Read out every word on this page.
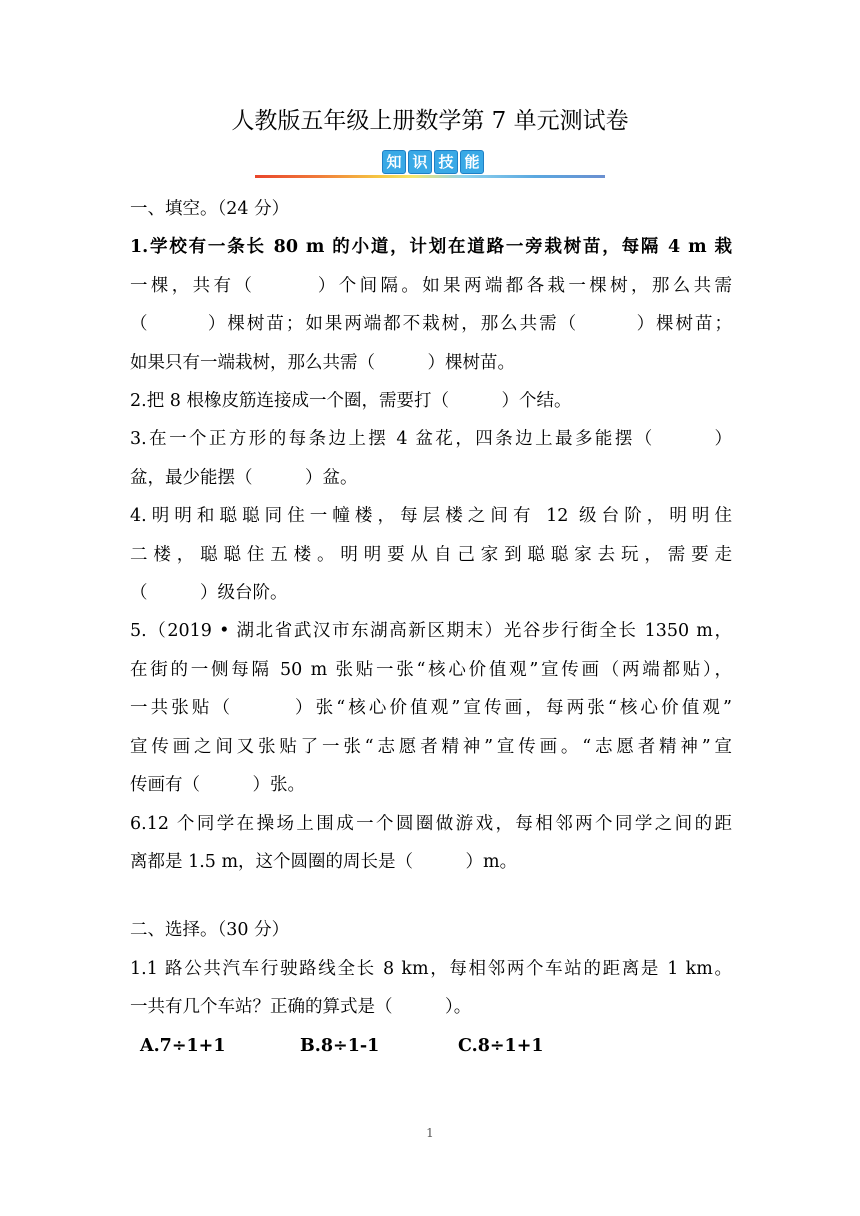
人教版五年级上册数学第 7 单元测试卷
知 识 技 能

一、填空。（24 分）

1.学校有一条长 80 m 的小道，计划在道路一旁栽树苗，每隔 4 m 栽

一棵，共有（　　　）个间隔。如果两端都各栽一棵树，那么共需

（　　　）棵树苗；如果两端都不栽树，那么共需（　　　）棵树苗；

如果只有一端栽树，那么共需（　　　）棵树苗。

2.把 8 根橡皮筋连接成一个圈，需要打（　　　）个结。

3.在一个正方形的每条边上摆 4 盆花，四条边上最多能摆（　　　）

盆，最少能摆（　　　）盆。

4.明明和聪聪同住一幢楼，每层楼之间有 12 级台阶，明明住

二楼，聪聪住五楼。明明要从自己家到聪聪家去玩，需要走

（　　　）级台阶。

5.（2019 • 湖北省武汉市东湖高新区期末）光谷步行街全长 1350 m，

在街的一侧每隔 50 m 张贴一张“核心价值观”宣传画（两端都贴），

一共张贴（　　　）张“核心价值观”宣传画，每两张“核心价值观”

宣传画之间又张贴了一张“志愿者精神”宣传画。“志愿者精神”宣

传画有（　　　）张。

6.12 个同学在操场上围成一个圆圈做游戏，每相邻两个同学之间的距

离都是 1.5 m，这个圆圈的周长是（　　　）m。

二、选择。（30 分）

1.1 路公共汽车行驶路线全长 8 km，每相邻两个车站的距离是 1 km。

一共有几个车站？正确的算式是（　　　）。

A.7÷1+1	B.8÷1-1	C.8÷1+1
1
